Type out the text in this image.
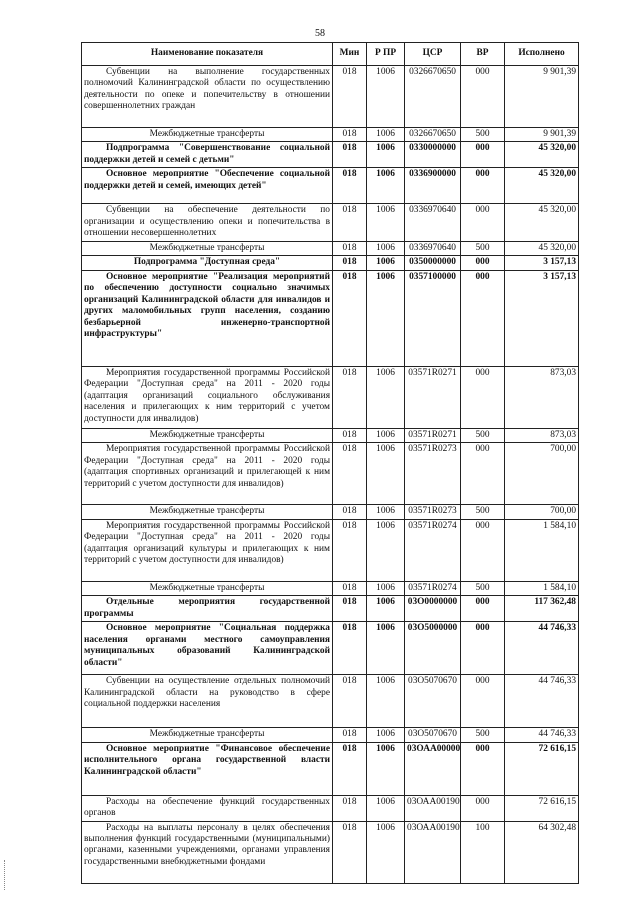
58
Наименование показателя	Мин	Р ПР	ЦСР	ВР	Исполнено
Субвенции на выполнение государственных полномочий Калининградской области по осуществлению деятельности по опеке и попечительству в отношении совершеннолетних граждан	018	1006	0326670650	000	9 901,39
Межбюджетные трансферты	018	1006	0326670650	500	9 901,39
Подпрограмма "Совершенствование социальной поддержки детей и семей с детьми"	018	1006	0330000000	000	45 320,00
Основное мероприятие "Обеспечение социальной поддержки детей и семей, имеющих детей"	018	1006	0336900000	000	45 320,00
Субвенции на обеспечение деятельности по организации и осуществлению опеки и попечительства в отношении несовершеннолетних	018	1006	0336970640	000	45 320,00
Межбюджетные трансферты	018	1006	0336970640	500	45 320,00
Подпрограмма "Доступная среда"	018	1006	0350000000	000	3 157,13
Основное мероприятие "Реализация мероприятий по обеспечению доступности социально значимых организаций Калининградской области для инвалидов и других маломобильных групп населения, созданию безбарьерной инженерно-транспортной инфраструктуры"	018	1006	0357100000	000	3 157,13
Мероприятия государственной программы Российской Федерации "Доступная среда" на 2011 - 2020 годы (адаптация организаций социального обслуживания населения и прилегающих к ним территорий с учетом доступности для инвалидов)	018	1006	03571R0271	000	873,03
Межбюджетные трансферты	018	1006	03571R0271	500	873,03
Мероприятия государственной программы Российской Федерации "Доступная среда" на 2011 - 2020 годы (адаптация спортивных организаций и прилегающей к ним территорий с учетом доступности для инвалидов)	018	1006	03571R0273	000	700,00
Межбюджетные трансферты	018	1006	03571R0273	500	700,00
Мероприятия государственной программы Российской Федерации "Доступная среда" на 2011 - 2020 годы (адаптация организаций культуры и прилегающих к ним территорий с учетом доступности для инвалидов)	018	1006	03571R0274	000	1 584,10
Межбюджетные трансферты	018	1006	03571R0274	500	1 584,10
Отдельные мероприятия государственной программы	018	1006	03О0000000	000	117 362,48
Основное мероприятие "Социальная поддержка населения органами местного самоуправления муниципальных образований Калининградской области"	018	1006	03О5000000	000	44 746,33
Субвенции на осуществление отдельных полномочий Калининградской области на руководство в сфере социальной поддержки населения	018	1006	03О5070670	000	44 746,33
Межбюджетные трансферты	018	1006	03О5070670	500	44 746,33
Основное мероприятие "Финансовое обеспечение исполнительного органа государственной власти Калининградской области"	018	1006	03ОАА00000	000	72 616,15
Расходы на обеспечение функций государственных органов	018	1006	03ОАА00190	000	72 616,15
Расходы на выплаты персоналу в целях обеспечения выполнения функций государственными (муниципальными) органами, казенными учреждениями, органами управления государственными внебюджетными фондами	018	1006	03ОАА00190	100	64 302,48
